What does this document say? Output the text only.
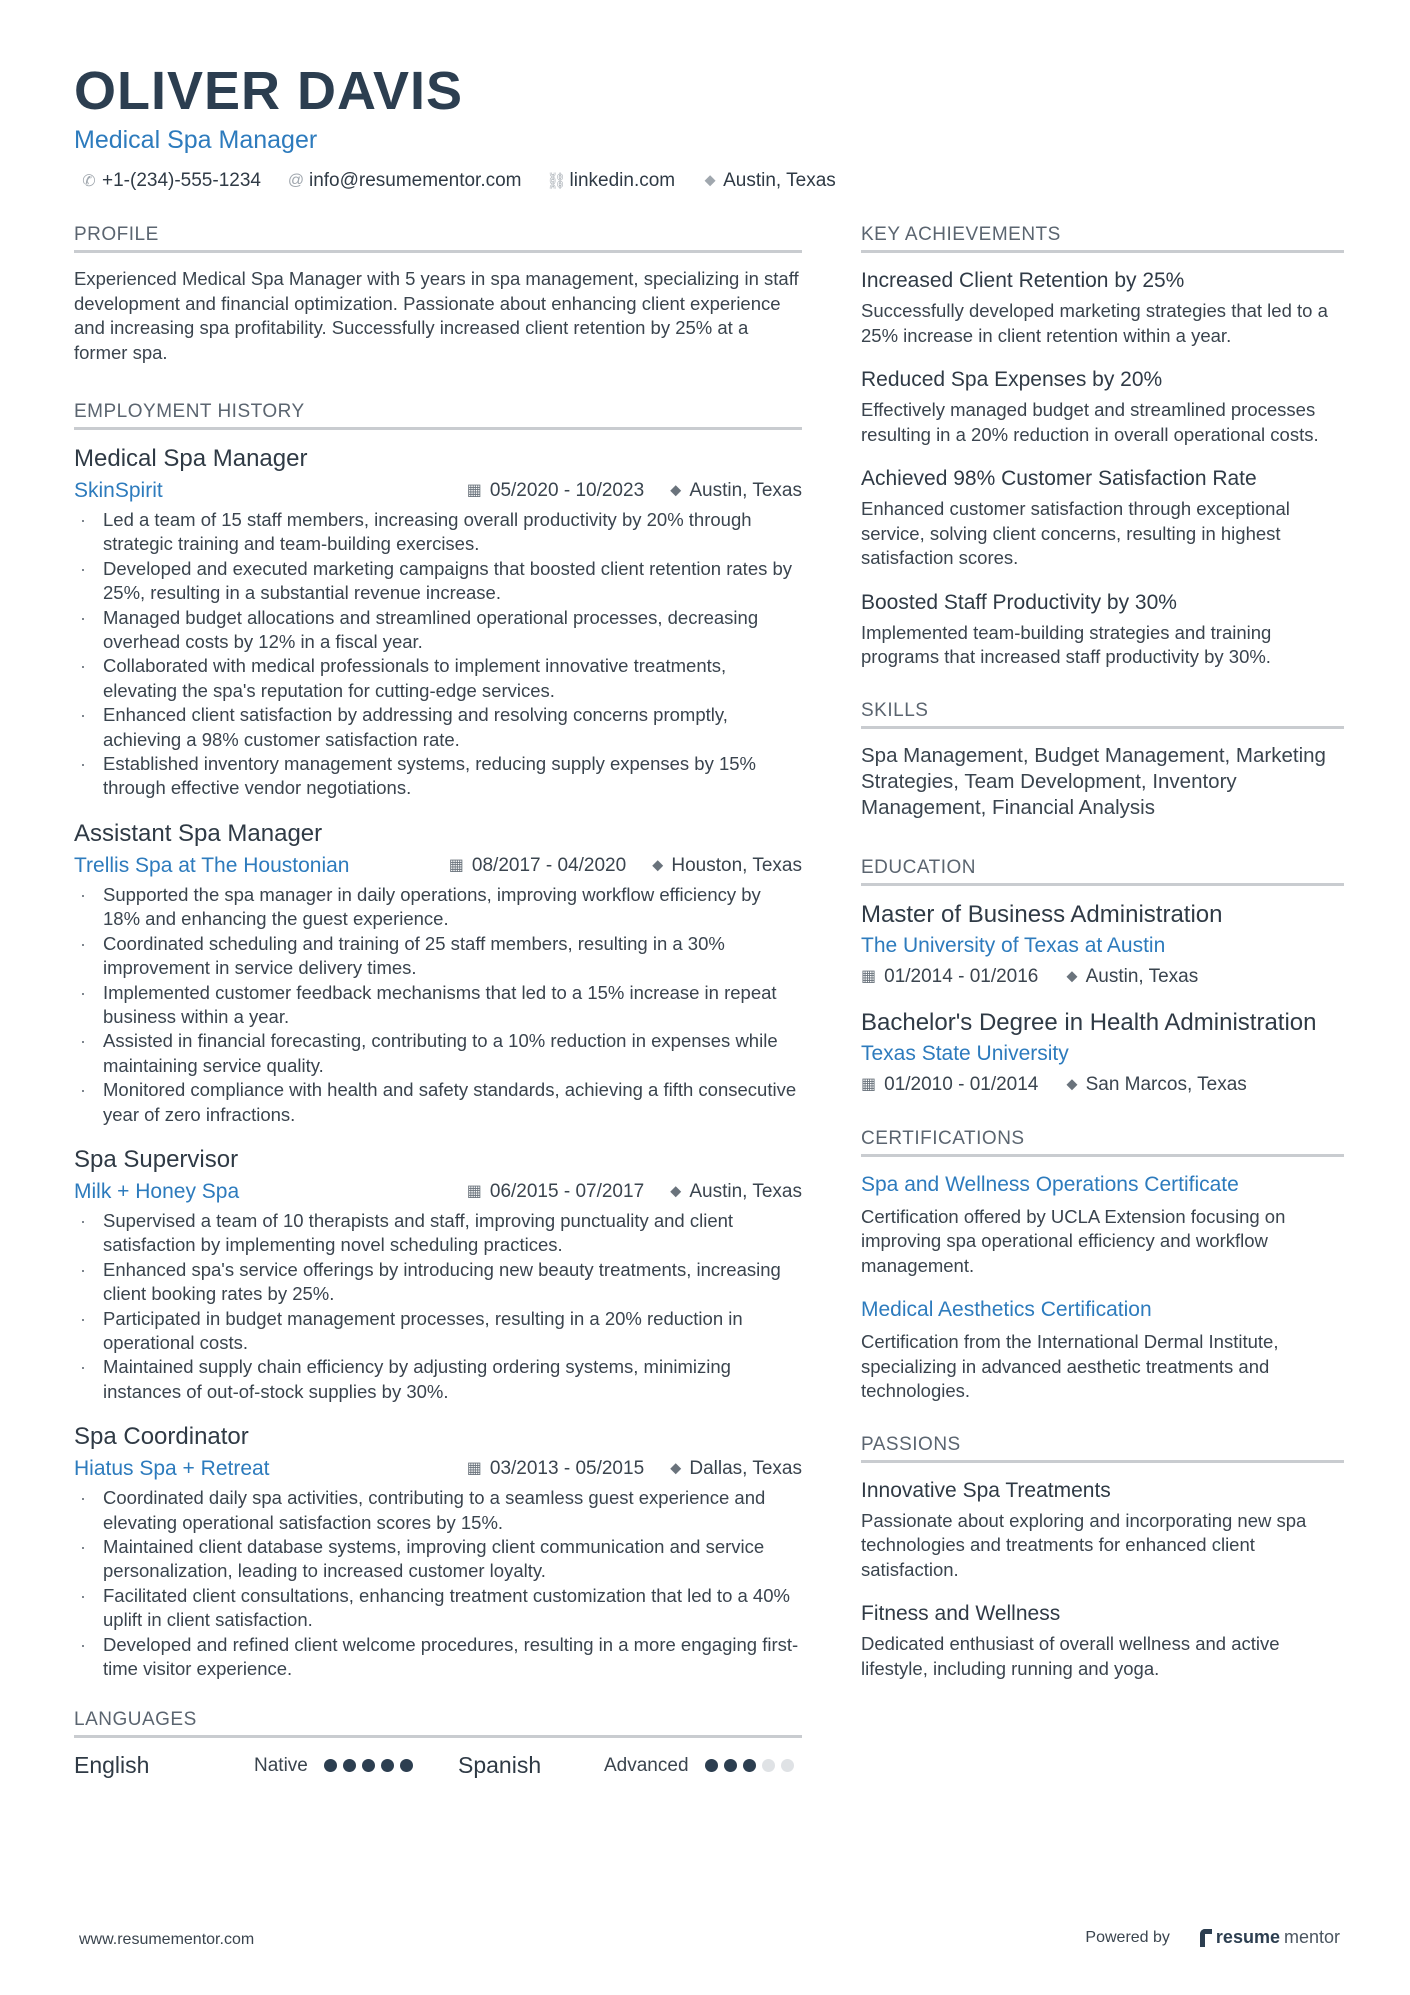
OLIVER DAVIS
Medical Spa Manager
✆ +1-(234)-555-1234 @ info@resumementor.com ⛓ linkedin.com ⬥ Austin, Texas
PROFILE
Experienced Medical Spa Manager with 5 years in spa management, specializing in staff development and financial optimization. Passionate about enhancing client experience and increasing spa profitability. Successfully increased client retention by 25% at a former spa.
EMPLOYMENT HISTORY
Medical Spa Manager
SkinSpirit	▦ 05/2020 - 10/2023 ⬥ Austin, Texas
· Led a team of 15 staff members, increasing overall productivity by 20% through strategic training and team-building exercises.
· Developed and executed marketing campaigns that boosted client retention rates by 25%, resulting in a substantial revenue increase.
· Managed budget allocations and streamlined operational processes, decreasing overhead costs by 12% in a fiscal year.
· Collaborated with medical professionals to implement innovative treatments, elevating the spa's reputation for cutting-edge services.
· Enhanced client satisfaction by addressing and resolving concerns promptly, achieving a 98% customer satisfaction rate.
· Established inventory management systems, reducing supply expenses by 15% through effective vendor negotiations.
Assistant Spa Manager
Trellis Spa at The Houstonian	▦ 08/2017 - 04/2020 ⬥ Houston, Texas
· Supported the spa manager in daily operations, improving workflow efficiency by 18% and enhancing the guest experience.
· Coordinated scheduling and training of 25 staff members, resulting in a 30% improvement in service delivery times.
· Implemented customer feedback mechanisms that led to a 15% increase in repeat business within a year.
· Assisted in financial forecasting, contributing to a 10% reduction in expenses while maintaining service quality.
· Monitored compliance with health and safety standards, achieving a fifth consecutive year of zero infractions.
Spa Supervisor
Milk + Honey Spa	▦ 06/2015 - 07/2017 ⬥ Austin, Texas
· Supervised a team of 10 therapists and staff, improving punctuality and client satisfaction by implementing novel scheduling practices.
· Enhanced spa's service offerings by introducing new beauty treatments, increasing client booking rates by 25%.
· Participated in budget management processes, resulting in a 20% reduction in operational costs.
· Maintained supply chain efficiency by adjusting ordering systems, minimizing instances of out-of-stock supplies by 30%.
Spa Coordinator
Hiatus Spa + Retreat	▦ 03/2013 - 05/2015 ⬥ Dallas, Texas
· Coordinated daily spa activities, contributing to a seamless guest experience and elevating operational satisfaction scores by 15%.
· Maintained client database systems, improving client communication and service personalization, leading to increased customer loyalty.
· Facilitated client consultations, enhancing treatment customization that led to a 40% uplift in client satisfaction.
· Developed and refined client welcome procedures, resulting in a more engaging first-time visitor experience.
LANGUAGES
English	Native	Spanish	Advanced
KEY ACHIEVEMENTS
Increased Client Retention by 25%
Successfully developed marketing strategies that led to a 25% increase in client retention within a year.
Reduced Spa Expenses by 20%
Effectively managed budget and streamlined processes resulting in a 20% reduction in overall operational costs.
Achieved 98% Customer Satisfaction Rate
Enhanced customer satisfaction through exceptional service, solving client concerns, resulting in highest satisfaction scores.
Boosted Staff Productivity by 30%
Implemented team-building strategies and training programs that increased staff productivity by 30%.
SKILLS
Spa Management, Budget Management, Marketing Strategies, Team Development, Inventory Management, Financial Analysis
EDUCATION
Master of Business Administration
The University of Texas at Austin
▦ 01/2014 - 01/2016 ⬥ Austin, Texas
Bachelor's Degree in Health Administration
Texas State University
▦ 01/2010 - 01/2014 ⬥ San Marcos, Texas
CERTIFICATIONS
Spa and Wellness Operations Certificate
Certification offered by UCLA Extension focusing on improving spa operational efficiency and workflow management.
Medical Aesthetics Certification
Certification from the International Dermal Institute, specializing in advanced aesthetic treatments and technologies.
PASSIONS
Innovative Spa Treatments
Passionate about exploring and incorporating new spa technologies and treatments for enhanced client satisfaction.
Fitness and Wellness
Dedicated enthusiast of overall wellness and active lifestyle, including running and yoga.
www.resumementor.com	Powered by	resume mentor
